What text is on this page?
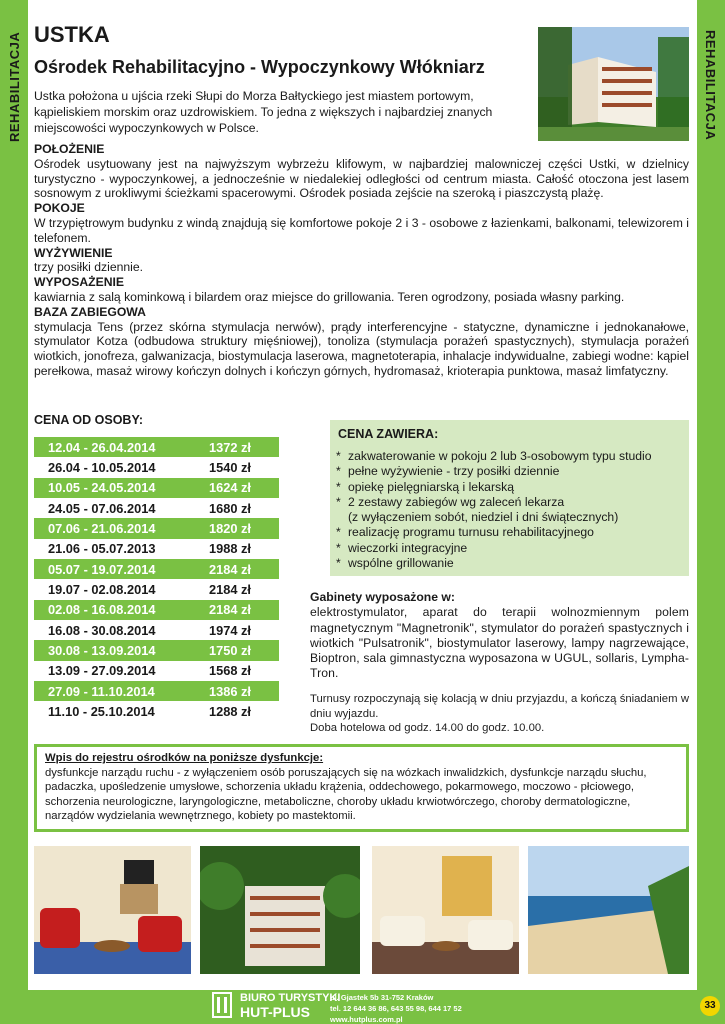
REHABILITACJA	REHABILITACJA
USTKA
Ośrodek Rehabilitacyjno - Wypoczynkowy Włókniarz
Ustka położona u ujścia rzeki Słupi do Morza Bałtyckiego jest miastem portowym,
kąpieliskiem morskim oraz uzdrowiskiem. To jedna z większych i najbardziej znanych
miejscowości wypoczynkowych w Polsce.
POŁOŻENIE

Ośrodek usytuowany jest na najwyższym wybrzeżu klifowym, w najbardziej malowniczej części Ustki, w dzielnicy turystyczno - wypoczynkowej, a jednocześnie w niedalekiej odległości od centrum miasta. Całość otoczona jest lasem sosnowym z urokliwymi ścieżkami spacerowymi. Ośrodek posiada zejście na szeroką i piaszczystą plażę.

POKOJE

W trzypiętrowym budynku z windą znajdują się komfortowe pokoje 2 i 3 - osobowe z łazienkami, balkonami, telewizorem i telefonem.

WYŻYWIENIE

trzy posiłki dziennie.

WYPOSAŻENIE

kawiarnia z salą kominkową i bilardem oraz miejsce do grillowania. Teren ogrodzony, posiada własny parking.

BAZA ZABIEGOWA

stymulacja Tens (przez skórna stymulacja nerwów), prądy interferencyjne - statyczne, dynamiczne i jednokanałowe, stymulator Kotza (odbudowa struktury mięśniowej), tonoliza (stymulacja porażeń spastycznych), stymulacja porażeń wiotkich, jonofreza, galwanizacja, biostymulacja laserowa, magnetoterapia, inhalacje indywidualne, zabiegi wodne: kąpiel perełkowa, masaż wirowy kończyn dolnych i kończyn górnych, hydromasaż, krioterapia punktowa, masaż limfatyczny.

CENA OD OSOBY:
12.04 - 26.04.2014	1372 zł
26.04 - 10.05.2014	1540 zł
10.05 - 24.05.2014	1624 zł
24.05 - 07.06.2014	1680 zł
07.06 - 21.06.2014	1820 zł
21.06 - 05.07.2013	1988 zł
05.07 - 19.07.2014	2184 zł
19.07 - 02.08.2014	2184 zł
02.08 - 16.08.2014	2184 zł
16.08 - 30.08.2014	1974 zł
30.08 - 13.09.2014	1750 zł
13.09 - 27.09.2014	1568 zł
27.09 - 11.10.2014	1386 zł
11.10 - 25.10.2014	1288 zł
CENA ZAWIERA:
* zakwaterowanie w pokoju 2 lub 3-osobowym typu studio
* pełne wyżywienie - trzy posiłki dziennie
* opiekę pielęgniarską i lekarską
* 2 zestawy zabiegów wg zaleceń lekarza
(z wyłączeniem sobót, niedziel i dni świątecznych)
* realizację programu turnusu rehabilitacyjnego
* wieczorki integracyjne
* wspólne grillowanie
Gabinety wyposażone w:

elektrostymulator, aparat do terapii wolnozmiennym polem magnetycznym "Magnetronik", stymulator do porażeń spastycznych i wiotkich "Pulsatronik", biostymulator laserowy, lampy nagrzewające, Bioptron, sala gimnastyczna wyposazona w UGUL, sollaris, Lympha-Tron.

Turnusy rozpoczynają się kolacją w dniu przyjazdu, a kończą śniadaniem w dniu wyjazdu.

Doba hotelowa od godz. 14.00 do godz. 10.00.

Wpis do rejestru ośrodków na poniższe dysfunkcje:
dysfunkcje narządu ruchu - z wyłączeniem osób poruszających się na wózkach inwalidzkich, dysfunkcje narządu słuchu, padaczka, upośledzenie umysłowe, schorzenia układu krążenia, oddechowego, pokarmowego, moczowo - płciowego, schorzenia neurologiczne, laryngologiczne, metaboliczne, choroby układu krwiotwórczego, choroby dermatologiczne, narządów wydzielania wewnętrznego, kobiety po mastektomii.
BIURO TURYSTYKI
HUT-PLUS
ul. Gjastek 5b 31-752 Kraków
tel. 12 644 36 86, 643 55 98, 644 17 52
www.hutplus.com.pl
33
